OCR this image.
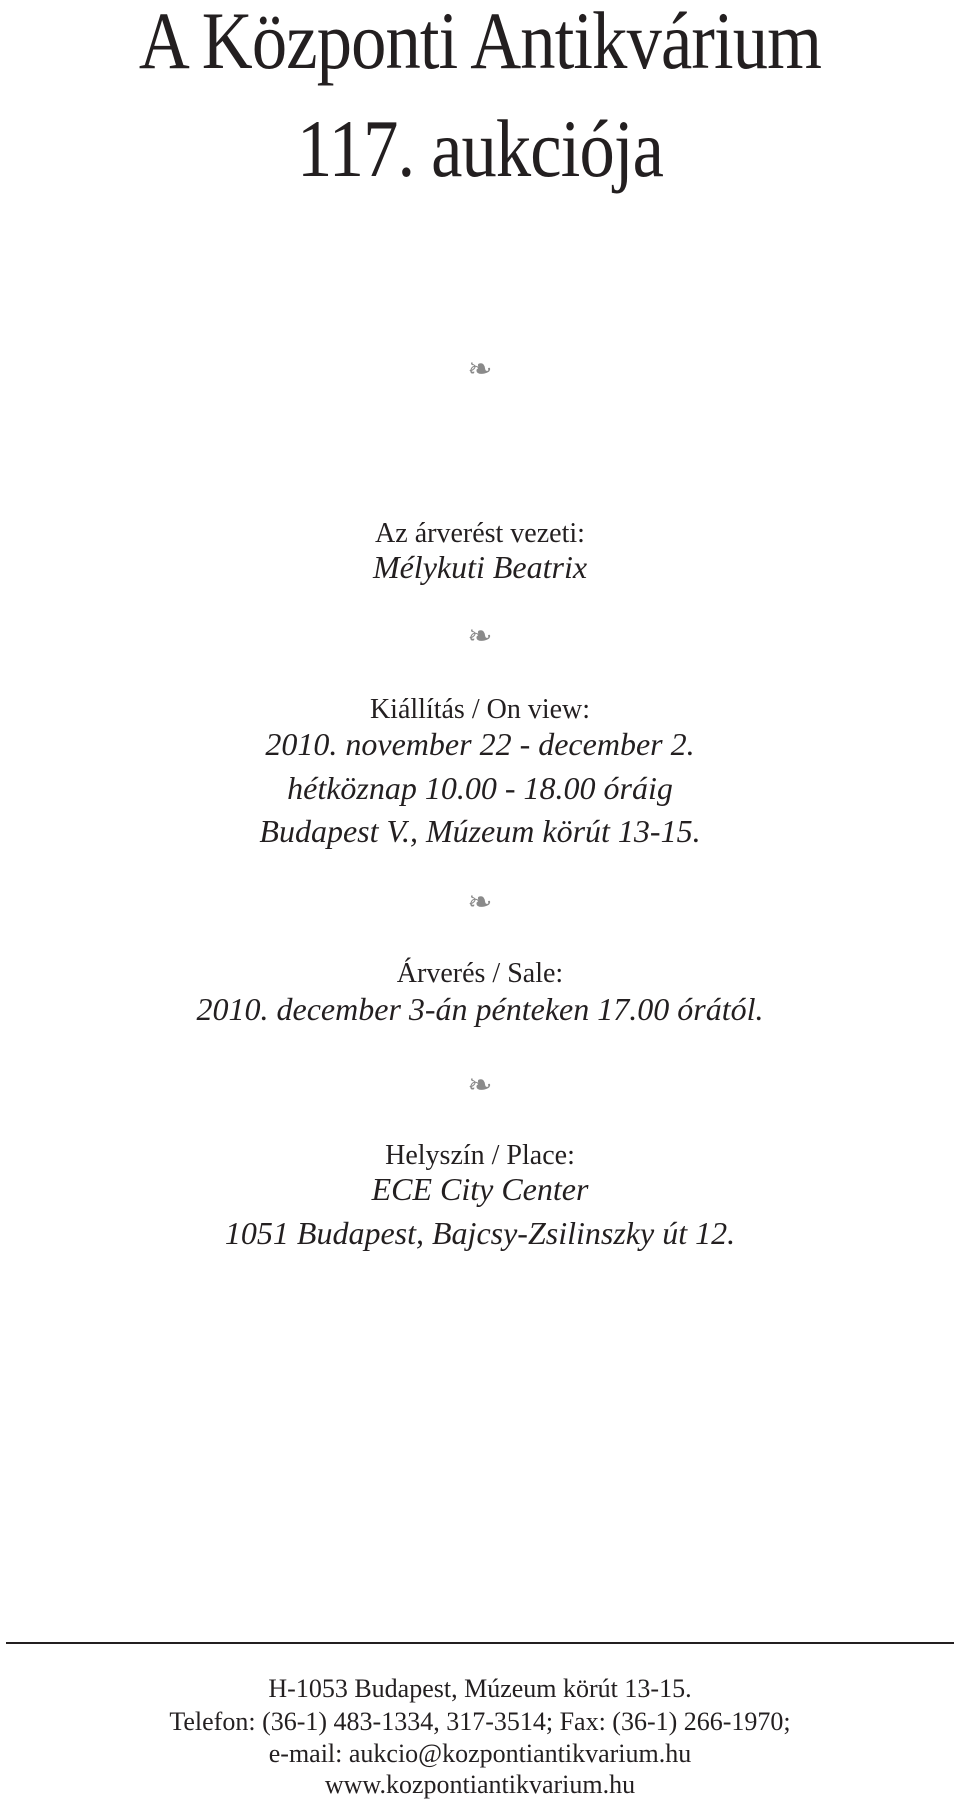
A Központi Antikvárium
117. aukciója
❧
Az árverést vezeti:
Mélykuti Beatrix
❧
Kiállítás / On view:
2010. november 22 - december 2.
hétköznap 10.00 - 18.00 óráig
Budapest V., Múzeum körút 13-15.
❧
Árverés / Sale:
2010. december 3-án pénteken 17.00 órától.
❧
Helyszín / Place:
ECE City Center
1051 Budapest, Bajcsy-Zsilinszky út 12.
H-1053 Budapest, Múzeum körút 13-15.
Telefon: (36-1) 483-1334, 317-3514; Fax: (36-1) 266-1970;
e-mail: aukcio@kozpontiantikvarium.hu
www.kozpontiantikvarium.hu
